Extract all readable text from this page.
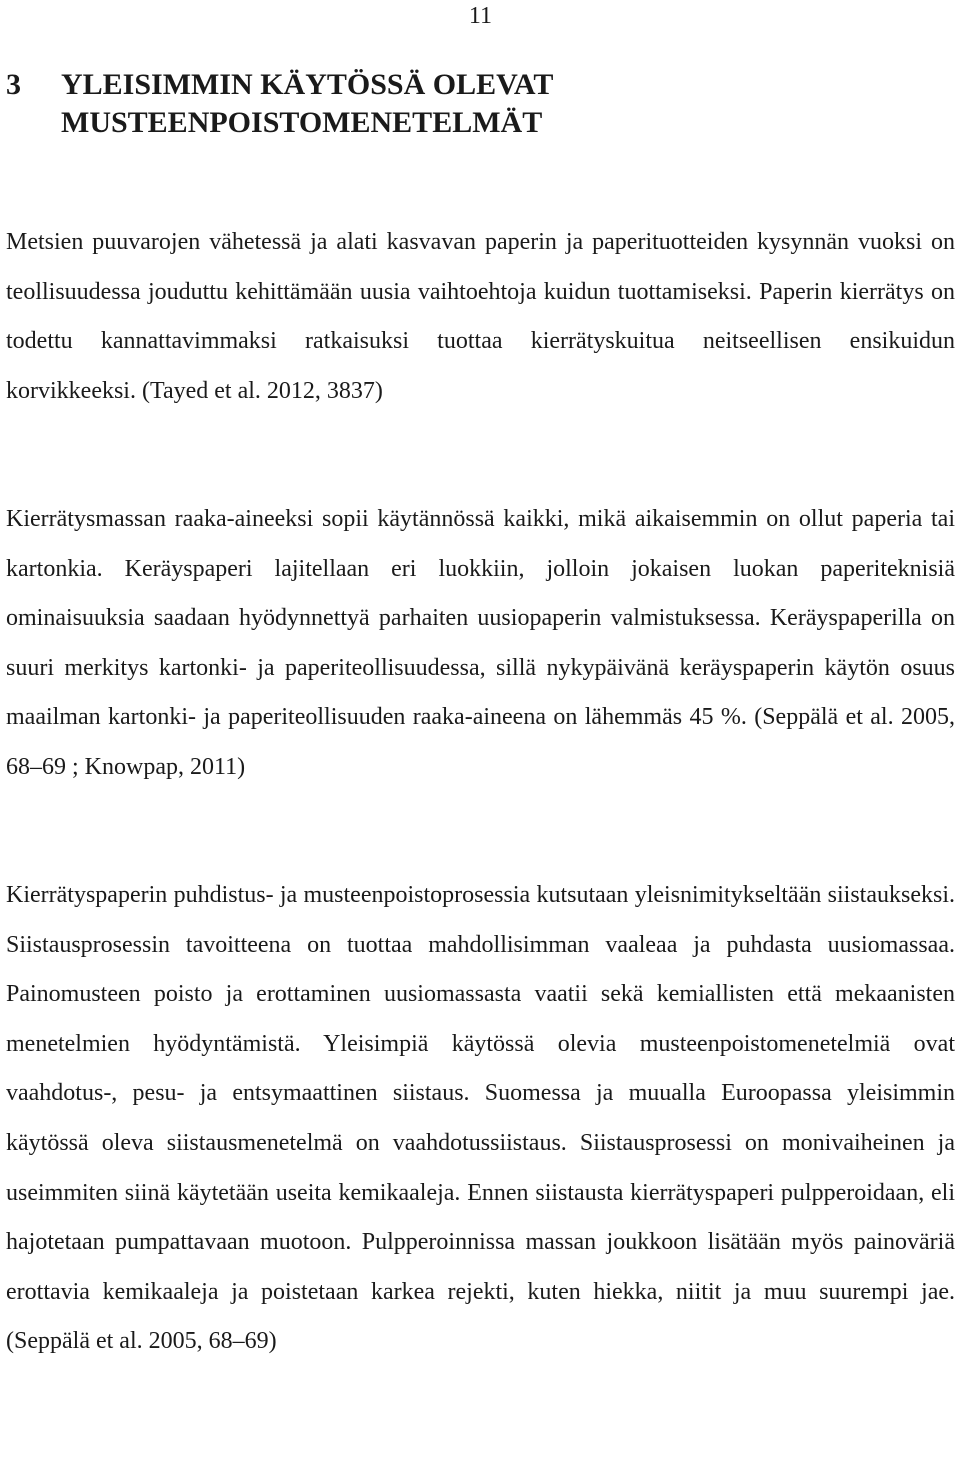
11
3	YLEISIMMIN KÄYTÖSSÄ OLEVAT MUSTEENPOISTOMENETELMÄT

Metsien puuvarojen vähetessä ja alati kasvavan paperin ja paperituotteiden kysynnän vuoksi on teollisuudessa jouduttu kehittämään uusia vaihtoehtoja kuidun tuottamiseksi. Paperin kierrätys on todettu kannattavimmaksi ratkaisuksi tuottaa kierrätyskuitua neitseellisen ensikuidun korvikkeeksi. (Tayed et al. 2012, 3837)

Kierrätysmassan raaka-aineeksi sopii käytännössä kaikki, mikä aikaisemmin on ollut paperia tai kartonkia. Keräyspaperi lajitellaan eri luokkiin, jolloin jokaisen luokan paperiteknisiä ominaisuuksia saadaan hyödynnettyä parhaiten uusiopaperin valmistuksessa. Keräyspaperilla on suuri merkitys kartonki- ja paperiteollisuudessa, sillä nykypäivänä keräyspaperin käytön osuus maailman kartonki- ja paperiteollisuuden raaka-aineena on lähemmäs 45 %. (Seppälä et al. 2005, 68–69 ; Knowpap, 2011)

Kierrätyspaperin puhdistus- ja musteenpoistoprosessia kutsutaan yleisnimitykseltään siistaukseksi. Siistausprosessin tavoitteena on tuottaa mahdollisimman vaaleaa ja puhdasta uusiomassaa. Painomusteen poisto ja erottaminen uusiomassasta vaatii sekä kemiallisten että mekaanisten menetelmien hyödyntämistä. Yleisimpiä käytössä olevia musteenpoistomenetelmiä ovat vaahdotus-, pesu- ja entsymaattinen siistaus. Suomessa ja muualla Euroopassa yleisimmin käytössä oleva siistausmenetelmä on vaahdotussiistaus. Siistausprosessi on monivaiheinen ja useimmiten siinä käytetään useita kemikaaleja. Ennen siistausta kierrätyspaperi pulpperoidaan, eli hajotetaan pumpattavaan muotoon. Pulpperoinnissa massan joukkoon lisätään myös painoväriä erottavia kemikaaleja ja poistetaan karkea rejekti, kuten hiekka, niitit ja muu suurempi jae. (Seppälä et al. 2005, 68–69)
